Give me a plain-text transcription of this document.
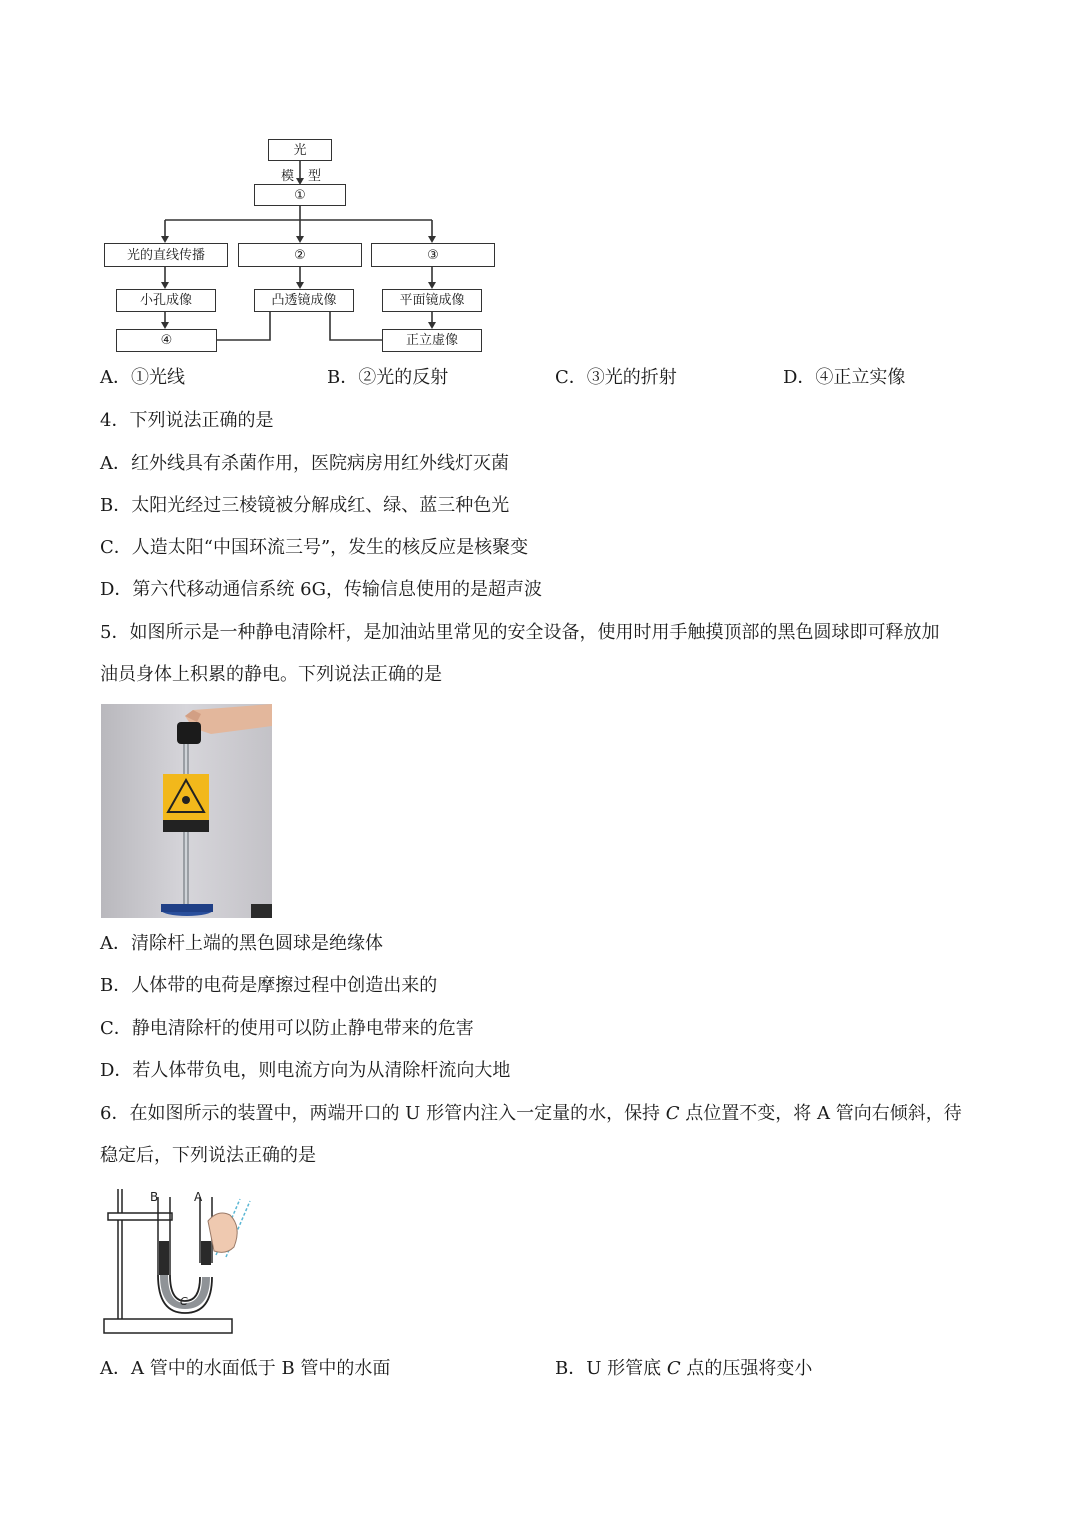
光
模 型
①
光的直线传播	②	③
小孔成像	凸透镜成像	平面镜成像
④	正立虚像
A．①光线	B．②光的反射	C．③光的折射	D．④正立实像
4．下列说法正确的是
A．红外线具有杀菌作用，医院病房用红外线灯灭菌
B．太阳光经过三棱镜被分解成红、绿、蓝三种色光
C．人造太阳“中国环流三号”，发生的核反应是核聚变
D．第六代移动通信系统 6G，传输信息使用的是超声波
5．如图所示是一种静电清除杆，是加油站里常见的安全设备，使用时用手触摸顶部的黑色圆球即可释放加
油员身体上积累的静电。下列说法正确的是
A．清除杆上端的黑色圆球是绝缘体
B．人体带的电荷是摩擦过程中创造出来的
C．静电清除杆的使用可以防止静电带来的危害
D．若人体带负电，则电流方向为从清除杆流向大地
6．在如图所示的装置中，两端开口的 U 形管内注入一定量的水，保持 C 点位置不变，将 A 管向右倾斜，待
稳定后，下列说法正确的是
B	A
C
A．A 管中的水面低于 B 管中的水面	B．U 形管底 C 点的压强将变小
